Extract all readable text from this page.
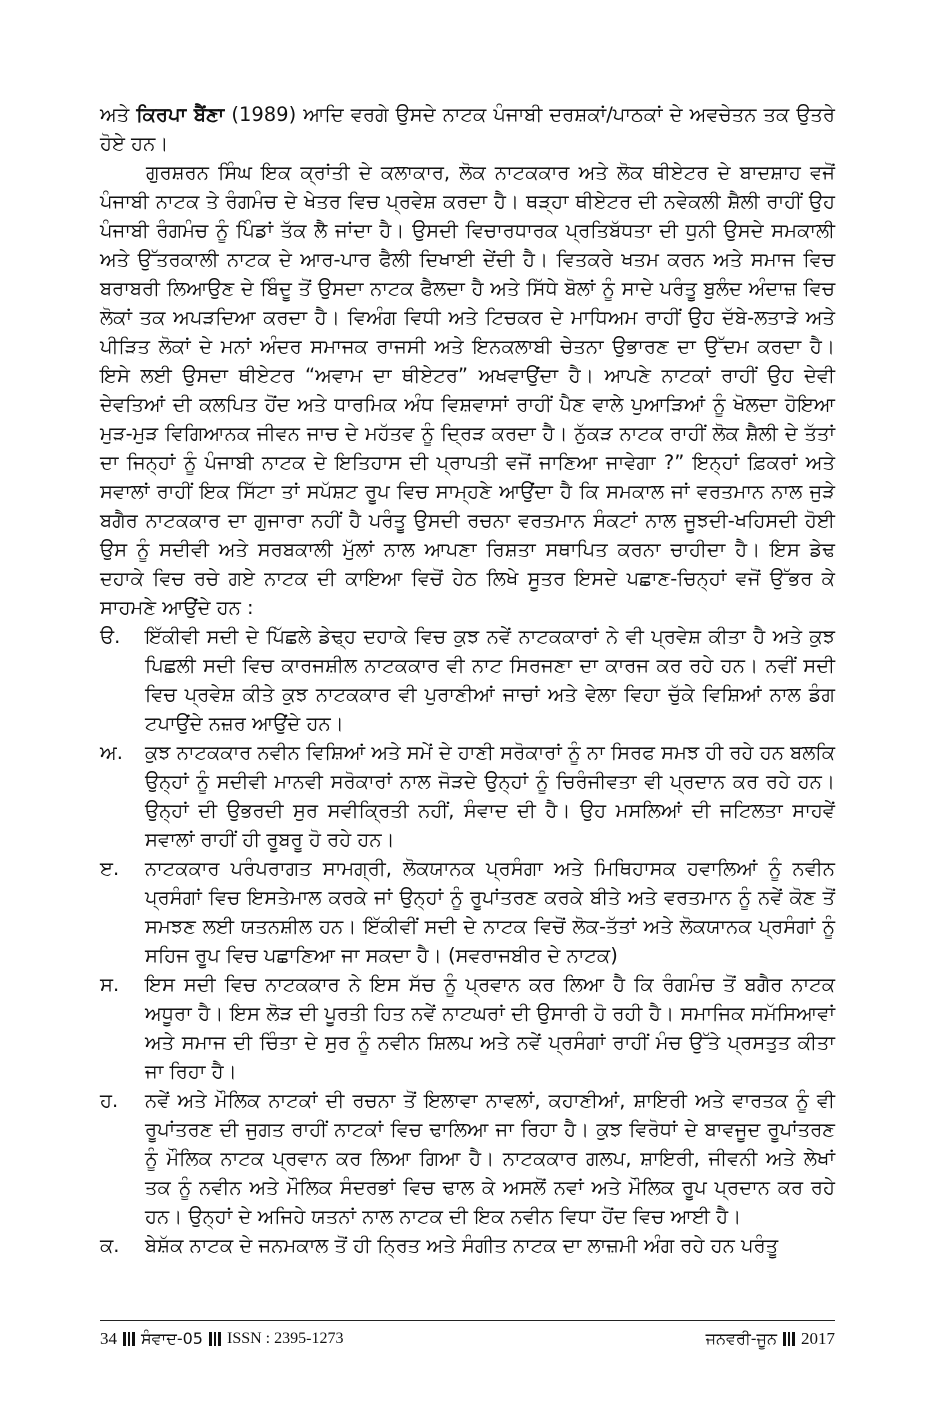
ਅਤੇ ਕਿਰਪਾ ਬੈਂਣਾ (1989) ਆਦਿ ਵਰਗੇ ਉਸਦੇ ਨਾਟਕ ਪੰਜਾਬੀ ਦਰਸ਼ਕਾਂ/ਪਾਠਕਾਂ ਦੇ ਅਵਚੇਤਨ ਤਕ ਉਤਰੇ ਹੋਏ ਹਨ।

ਗੁਰਸ਼ਰਨ ਸਿੰਘ ਇਕ ਕ੍ਰਾਂਤੀ ਦੇ ਕਲਾਕਾਰ, ਲੋਕ ਨਾਟਕਕਾਰ ਅਤੇ ਲੋਕ ਥੀਏਟਰ ਦੇ ਬਾਦਸ਼ਾਹ ਵਜੋਂ ਪੰਜਾਬੀ ਨਾਟਕ ਤੇ ਰੰਗਮੰਚ ਦੇ ਖੇਤਰ ਵਿਚ ਪ੍ਰਵੇਸ਼ ਕਰਦਾ ਹੈ। ਥੜ੍ਹਾ ਥੀਏਟਰ ਦੀ ਨਵੇਕਲੀ ਸ਼ੈਲੀ ਰਾਹੀਂ ਉਹ ਪੰਜਾਬੀ ਰੰਗਮੰਚ ਨੂੰ ਪਿੰਡਾਂ ਤੱਕ ਲੈ ਜਾਂਦਾ ਹੈ। ਉਸਦੀ ਵਿਚਾਰਧਾਰਕ ਪ੍ਰਤਿਬੱਧਤਾ ਦੀ ਧੁਨੀ ਉਸਦੇ ਸਮਕਾਲੀ ਅਤੇ ਉੱਤਰਕਾਲੀ ਨਾਟਕ ਦੇ ਆਰ-ਪਾਰ ਫੈਲੀ ਦਿਖਾਈ ਦੇਂਦੀ ਹੈ। ਵਿਤਕਰੇ ਖਤਮ ਕਰਨ ਅਤੇ ਸਮਾਜ ਵਿਚ ਬਰਾਬਰੀ ਲਿਆਉਣ ਦੇ ਬਿੰਦੂ ਤੋਂ ਉਸਦਾ ਨਾਟਕ ਫੈਲਦਾ ਹੈ ਅਤੇ ਸਿੱਧੇ ਬੋਲਾਂ ਨੂੰ ਸਾਦੇ ਪਰੰਤੂ ਬੁਲੰਦ ਅੰਦਾਜ਼ ਵਿਚ ਲੋਕਾਂ ਤਕ ਅਪੜਦਿਆ ਕਰਦਾ ਹੈ। ਵਿਅੰਗ ਵਿਧੀ ਅਤੇ ਟਿਚਕਰ ਦੇ ਮਾਧਿਅਮ ਰਾਹੀਂ ਉਹ ਦੱਬੇ-ਲਤਾੜੇ ਅਤੇ ਪੀੜਿਤ ਲੋਕਾਂ ਦੇ ਮਨਾਂ ਅੰਦਰ ਸਮਾਜਕ ਰਾਜਸੀ ਅਤੇ ਇਨਕਲਾਬੀ ਚੇਤਨਾ ਉਭਾਰਣ ਦਾ ਉੱਦਮ ਕਰਦਾ ਹੈ। ਇਸੇ ਲਈ ਉਸਦਾ ਥੀਏਟਰ “ਅਵਾਮ ਦਾ ਥੀਏਟਰ” ਅਖਵਾਉਂਦਾ ਹੈ। ਆਪਣੇ ਨਾਟਕਾਂ ਰਾਹੀਂ ਉਹ ਦੇਵੀ ਦੇਵਤਿਆਂ ਦੀ ਕਲਪਿਤ ਹੋਂਦ ਅਤੇ ਧਾਰਮਿਕ ਅੰਧ ਵਿਸ਼ਵਾਸਾਂ ਰਾਹੀਂ ਪੈਣ ਵਾਲੇ ਪੁਆੜਿਆਂ ਨੂੰ ਖੋਲਦਾ ਹੋਇਆ ਮੁੜ-ਮੁੜ ਵਿਗਿਆਨਕ ਜੀਵਨ ਜਾਚ ਦੇ ਮਹੱਤਵ ਨੂੰ ਦ੍ਰਿੜ ਕਰਦਾ ਹੈ। ਨੁੱਕੜ ਨਾਟਕ ਰਾਹੀਂ ਲੋਕ ਸ਼ੈਲੀ ਦੇ ਤੱਤਾਂ ਦਾ ਜਿਨ੍ਹਾਂ ਨੂੰ ਪੰਜਾਬੀ ਨਾਟਕ ਦੇ ਇਤਿਹਾਸ ਦੀ ਪ੍ਰਾਪਤੀ ਵਜੋਂ ਜਾਣਿਆ ਜਾਵੇਗਾ ?” ਇਨ੍ਹਾਂ ਫ਼ਿਕਰਾਂ ਅਤੇ ਸਵਾਲਾਂ ਰਾਹੀਂ ਇਕ ਸਿੱਟਾ ਤਾਂ ਸਪੱਸ਼ਟ ਰੂਪ ਵਿਚ ਸਾਮ੍ਹਣੇ ਆਉਂਦਾ ਹੈ ਕਿ ਸਮਕਾਲ ਜਾਂ ਵਰਤਮਾਨ ਨਾਲ ਜੁੜੇ ਬਗੈਰ ਨਾਟਕਕਾਰ ਦਾ ਗੁਜਾਰਾ ਨਹੀਂ ਹੈ ਪਰੰਤੂ ਉਸਦੀ ਰਚਨਾ ਵਰਤਮਾਨ ਸੰਕਟਾਂ ਨਾਲ ਜੂਝਦੀ-ਖਹਿਸਦੀ ਹੋਈ ਉਸ ਨੂੰ ਸਦੀਵੀ ਅਤੇ ਸਰਬਕਾਲੀ ਮੁੱਲਾਂ ਨਾਲ ਆਪਣਾ ਰਿਸ਼ਤਾ ਸਥਾਪਿਤ ਕਰਨਾ ਚਾਹੀਦਾ ਹੈ। ਇਸ ਡੇਢ ਦਹਾਕੇ ਵਿਚ ਰਚੇ ਗਏ ਨਾਟਕ ਦੀ ਕਾਇਆ ਵਿਚੋਂ ਹੇਠ ਲਿਖੇ ਸੂਤਰ ਇਸਦੇ ਪਛਾਣ-ਚਿਨ੍ਹਾਂ ਵਜੋਂ ਉੱਭਰ ਕੇ ਸਾਹਮਣੇ ਆਉਂਦੇ ਹਨ :

ੳ.	ਇੱਕੀਵੀ ਸਦੀ ਦੇ ਪਿੱਛਲੇ ਡੇਢ੍ਹ ਦਹਾਕੇ ਵਿਚ ਕੁਝ ਨਵੇਂ ਨਾਟਕਕਾਰਾਂ ਨੇ ਵੀ ਪ੍ਰਵੇਸ਼ ਕੀਤਾ ਹੈ ਅਤੇ ਕੁਝ ਪਿਛਲੀ ਸਦੀ ਵਿਚ ਕਾਰਜਸ਼ੀਲ ਨਾਟਕਕਾਰ ਵੀ ਨਾਟ ਸਿਰਜਣਾ ਦਾ ਕਾਰਜ ਕਰ ਰਹੇ ਹਨ। ਨਵੀਂ ਸਦੀ ਵਿਚ ਪ੍ਰਵੇਸ਼ ਕੀਤੇ ਕੁਝ ਨਾਟਕਕਾਰ ਵੀ ਪੁਰਾਣੀਆਂ ਜਾਚਾਂ ਅਤੇ ਵੇਲਾ ਵਿਹਾ ਚੁੱਕੇ ਵਿਸ਼ਿਆਂ ਨਾਲ ਡੰਗ ਟਪਾਉਂਦੇ ਨਜ਼ਰ ਆਉਂਦੇ ਹਨ।
ਅ.	ਕੁਝ ਨਾਟਕਕਾਰ ਨਵੀਨ ਵਿਸ਼ਿਆਂ ਅਤੇ ਸਮੇਂ ਦੇ ਹਾਣੀ ਸਰੋਕਾਰਾਂ ਨੂੰ ਨਾ ਸਿਰਫ ਸਮਝ ਹੀ ਰਹੇ ਹਨ ਬਲਕਿ ਉਨ੍ਹਾਂ ਨੂੰ ਸਦੀਵੀ ਮਾਨਵੀ ਸਰੋਕਾਰਾਂ ਨਾਲ ਜੋੜਦੇ ਉਨ੍ਹਾਂ ਨੂੰ ਚਿਰੰਜੀਵਤਾ ਵੀ ਪ੍ਰਦਾਨ ਕਰ ਰਹੇ ਹਨ। ਉਨ੍ਹਾਂ ਦੀ ਉਭਰਦੀ ਸੁਰ ਸਵੀਕ੍ਰਿਤੀ ਨਹੀਂ, ਸੰਵਾਦ ਦੀ ਹੈ। ਉਹ ਮਸਲਿਆਂ ਦੀ ਜਟਿਲਤਾ ਸਾਹਵੇਂ ਸਵਾਲਾਂ ਰਾਹੀਂ ਹੀ ਰੂਬਰੂ ਹੋ ਰਹੇ ਹਨ।
ੲ.	ਨਾਟਕਕਾਰ ਪਰੰਪਰਾਗਤ ਸਾਮਗ੍ਰੀ, ਲੋਕਯਾਨਕ ਪ੍ਰਸੰਗਾ ਅਤੇ ਮਿਥਿਹਾਸਕ ਹਵਾਲਿਆਂ ਨੂੰ ਨਵੀਨ ਪ੍ਰਸੰਗਾਂ ਵਿਚ ਇਸਤੇਮਾਲ ਕਰਕੇ ਜਾਂ ਉਨ੍ਹਾਂ ਨੂੰ ਰੂਪਾਂਤਰਣ ਕਰਕੇ ਬੀਤੇ ਅਤੇ ਵਰਤਮਾਨ ਨੂੰ ਨਵੇਂ ਕੋਣ ਤੋਂ ਸਮਝਣ ਲਈ ਯਤਨਸ਼ੀਲ ਹਨ। ਇੱਕੀਵੀਂ ਸਦੀ ਦੇ ਨਾਟਕ ਵਿਚੋਂ ਲੋਕ-ਤੱਤਾਂ ਅਤੇ ਲੋਕਯਾਨਕ ਪ੍ਰਸੰਗਾਂ ਨੂੰ ਸਹਿਜ ਰੂਪ ਵਿਚ ਪਛਾਣਿਆ ਜਾ ਸਕਦਾ ਹੈ। (ਸਵਰਾਜਬੀਰ ਦੇ ਨਾਟਕ)
ਸ.	ਇਸ ਸਦੀ ਵਿਚ ਨਾਟਕਕਾਰ ਨੇ ਇਸ ਸੱਚ ਨੂੰ ਪ੍ਰਵਾਨ ਕਰ ਲਿਆ ਹੈ ਕਿ ਰੰਗਮੰਚ ਤੋਂ ਬਗੈਰ ਨਾਟਕ ਅਧੂਰਾ ਹੈ। ਇਸ ਲੋੜ ਦੀ ਪੂਰਤੀ ਹਿਤ ਨਵੇਂ ਨਾਟਘਰਾਂ ਦੀ ਉਸਾਰੀ ਹੋ ਰਹੀ ਹੈ। ਸਮਾਜਿਕ ਸਮੱਸਿਆਵਾਂ ਅਤੇ ਸਮਾਜ ਦੀ ਚਿੰਤਾ ਦੇ ਸੁਰ ਨੂੰ ਨਵੀਨ ਸ਼ਿਲਪ ਅਤੇ ਨਵੇਂ ਪ੍ਰਸੰਗਾਂ ਰਾਹੀਂ ਮੰਚ ਉੱਤੇ ਪ੍ਰਸਤੁਤ ਕੀਤਾ ਜਾ ਰਿਹਾ ਹੈ।
ਹ.	ਨਵੇਂ ਅਤੇ ਮੌਲਿਕ ਨਾਟਕਾਂ ਦੀ ਰਚਨਾ ਤੋਂ ਇਲਾਵਾ ਨਾਵਲਾਂ, ਕਹਾਣੀਆਂ, ਸ਼ਾਇਰੀ ਅਤੇ ਵਾਰਤਕ ਨੂੰ ਵੀ ਰੂਪਾਂਤਰਣ ਦੀ ਜੁਗਤ ਰਾਹੀਂ ਨਾਟਕਾਂ ਵਿਚ ਢਾਲਿਆ ਜਾ ਰਿਹਾ ਹੈ। ਕੁਝ ਵਿਰੋਧਾਂ ਦੇ ਬਾਵਜੂਦ ਰੂਪਾਂਤਰਣ ਨੂੰ ਮੌਲਿਕ ਨਾਟਕ ਪ੍ਰਵਾਨ ਕਰ ਲਿਆ ਗਿਆ ਹੈ। ਨਾਟਕਕਾਰ ਗਲਪ, ਸ਼ਾਇਰੀ, ਜੀਵਨੀ ਅਤੇ ਲੇਖਾਂ ਤਕ ਨੂੰ ਨਵੀਨ ਅਤੇ ਮੌਲਿਕ ਸੰਦਰਭਾਂ ਵਿਚ ਢਾਲ ਕੇ ਅਸਲੋਂ ਨਵਾਂ ਅਤੇ ਮੌਲਿਕ ਰੂਪ ਪ੍ਰਦਾਨ ਕਰ ਰਹੇ ਹਨ। ਉਨ੍ਹਾਂ ਦੇ ਅਜਿਹੇ ਯਤਨਾਂ ਨਾਲ ਨਾਟਕ ਦੀ ਇਕ ਨਵੀਨ ਵਿਧਾ ਹੋਂਦ ਵਿਚ ਆਈ ਹੈ।
ਕ.	ਬੇਸ਼ੱਕ ਨਾਟਕ ਦੇ ਜਨਮਕਾਲ ਤੋਂ ਹੀ ਨ੍ਰਿਤ ਅਤੇ ਸੰਗੀਤ ਨਾਟਕ ਦਾ ਲਾਜ਼ਮੀ ਅੰਗ ਰਹੇ ਹਨ ਪਰੰਤੂ
34 ਸੰਵਾਦ-05 ISSN : 2395-1273	ਜਨਵਰੀ-ਜੂਨ 2017
